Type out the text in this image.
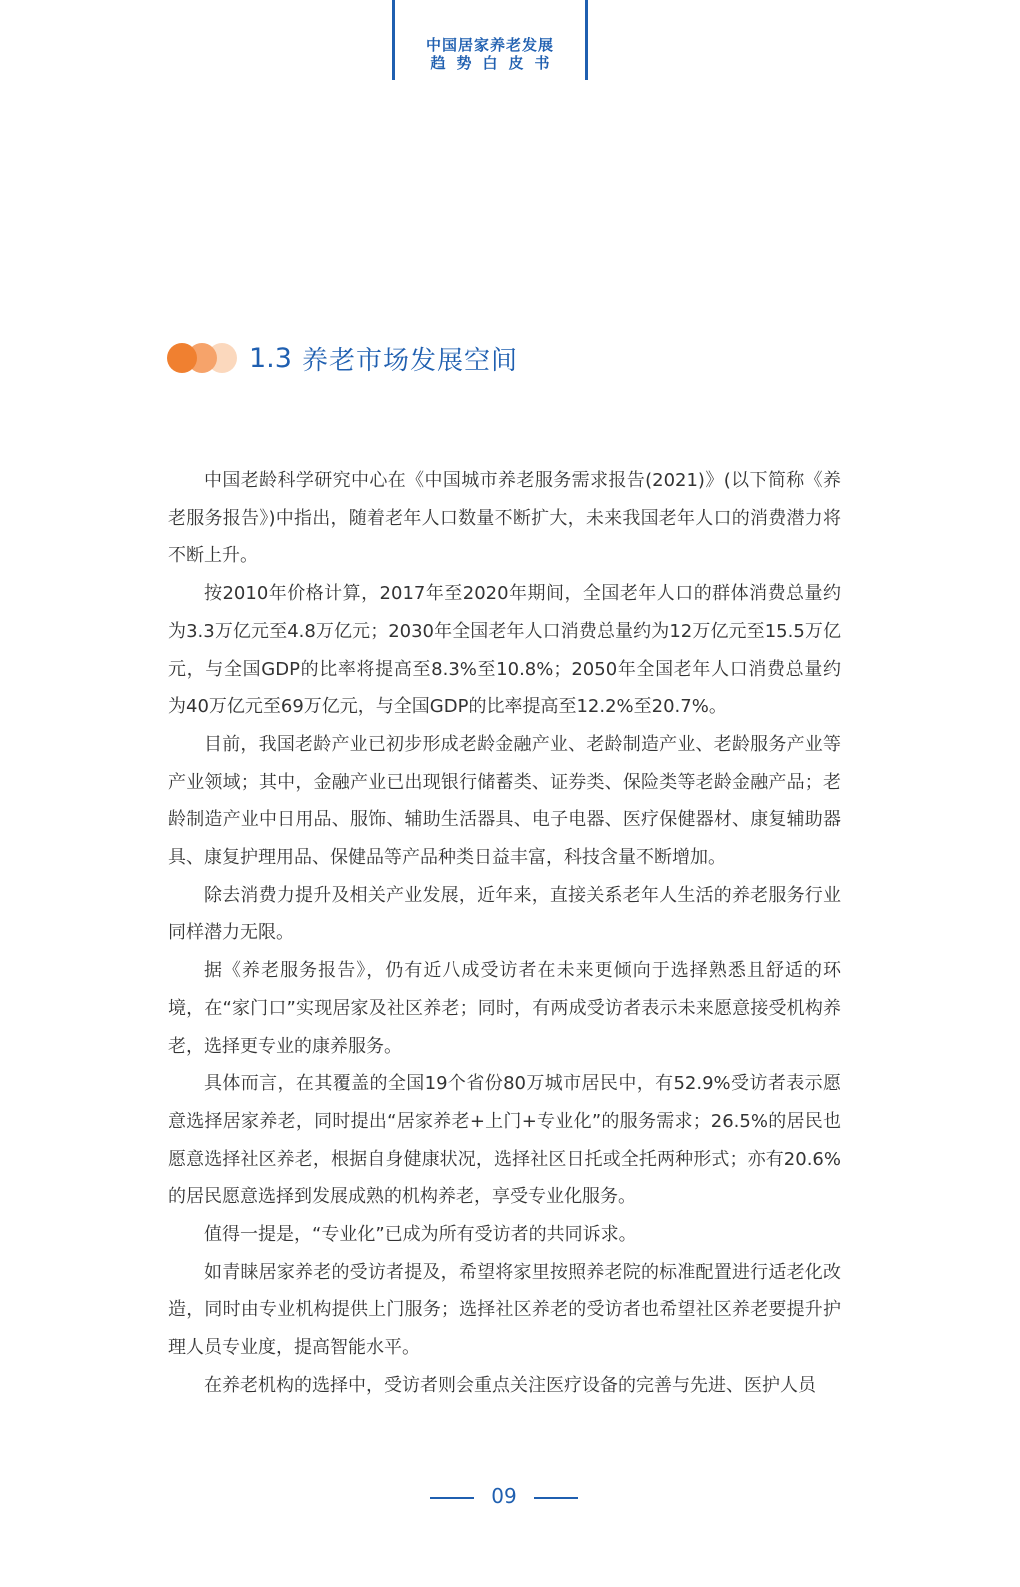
中国居家养老发展
趋势白皮书
1.3 养老市场发展空间

中国老龄科学研究中心在《中国城市养老服务需求报告(2021)》(以下简称《养老服务报告》)中指出，随着老年人口数量不断扩大，未来我国老年人口的消费潜力将不断上升。

按2010年价格计算，2017年至2020年期间，全国老年人口的群体消费总量约为3.3万亿元至4.8万亿元；2030年全国老年人口消费总量约为12万亿元至15.5万亿元，与全国GDP的比率将提高至8.3%至10.8%；2050年全国老年人口消费总量约为40万亿元至69万亿元，与全国GDP的比率提高至12.2%至20.7%。

目前，我国老龄产业已初步形成老龄金融产业、老龄制造产业、老龄服务产业等产业领域；其中，金融产业已出现银行储蓄类、证券类、保险类等老龄金融产品；老龄制造产业中日用品、服饰、辅助生活器具、电子电器、医疗保健器材、康复辅助器具、康复护理用品、保健品等产品种类日益丰富，科技含量不断增加。

除去消费力提升及相关产业发展，近年来，直接关系老年人生活的养老服务行业同样潜力无限。

据《养老服务报告》，仍有近八成受访者在未来更倾向于选择熟悉且舒适的环境，在“家门口”实现居家及社区养老；同时，有两成受访者表示未来愿意接受机构养老，选择更专业的康养服务。

具体而言，在其覆盖的全国19个省份80万城市居民中，有52.9%受访者表示愿意选择居家养老，同时提出“居家养老+上门+专业化”的服务需求；26.5%的居民也愿意选择社区养老，根据自身健康状况，选择社区日托或全托两种形式；亦有20.6%的居民愿意选择到发展成熟的机构养老，享受专业化服务。

值得一提是，“专业化”已成为所有受访者的共同诉求。

如青睐居家养老的受访者提及，希望将家里按照养老院的标准配置进行适老化改造，同时由专业机构提供上门服务；选择社区养老的受访者也希望社区养老要提升护理人员专业度，提高智能水平。

在养老机构的选择中，受访者则会重点关注医疗设备的完善与先进、医护人员

09
